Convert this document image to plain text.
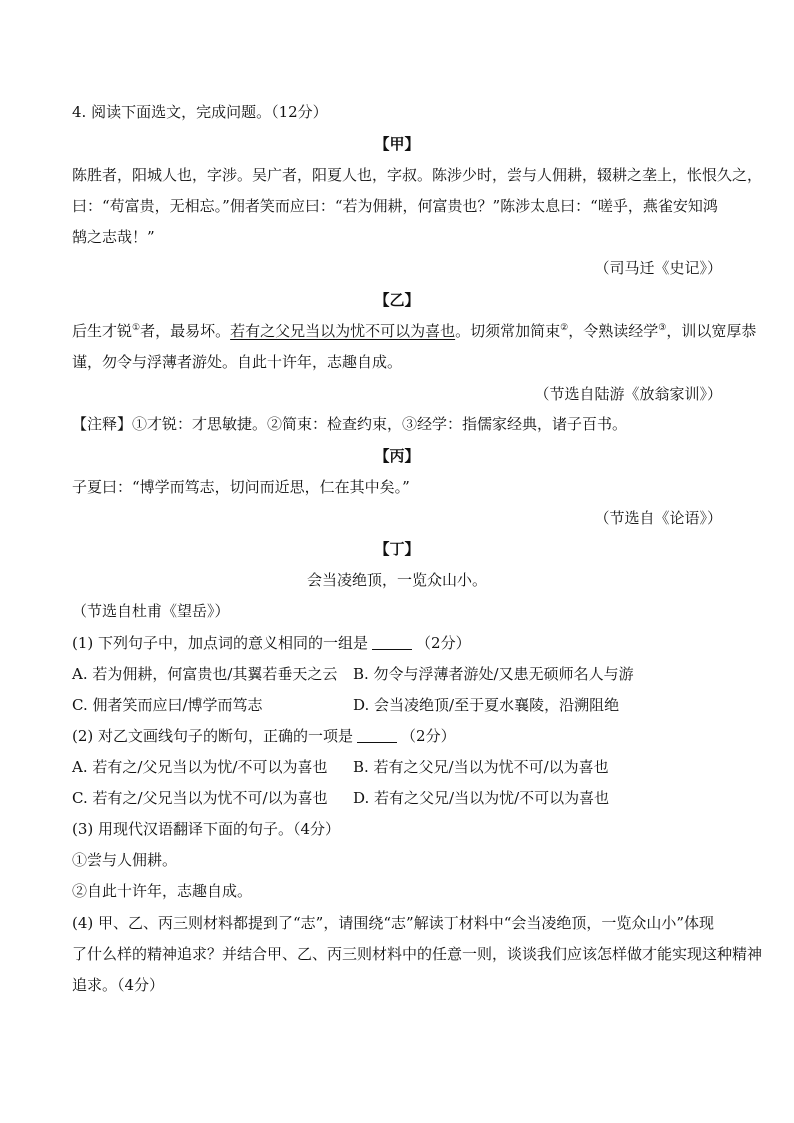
4. 阅读下面选文，完成问题。（12分）
【甲】
陈胜者，阳城人也，字涉。吴广者，阳夏人也，字叔。陈涉少时，尝与人佣耕，辍耕之垄上，怅恨久之，
曰：“苟富贵，无相忘。”佣者笑而应曰：“若为佣耕，何富贵也？”陈涉太息曰：“嗟乎，燕雀安知鸿
鹄之志哉！”
（司马迁《史记》）
【乙】
后生才锐①者，最易坏。若有之父兄当以为忧不可以为喜也。切须常加简束②，令熟读经学③，训以宽厚恭
谨，勿令与浮薄者游处。自此十许年，志趣自成。
（节选自陆游《放翁家训》）
【注释】①才锐：才思敏捷。②简束：检查约束，③经学：指儒家经典，诸子百书。
【丙】
子夏曰：“博学而笃志，切问而近思，仁在其中矣。”
（节选自《论语》）
【丁】
会当凌绝顶，一览众山小。
（节选自杜甫《望岳》）
(1) 下列句子中，加点词的意义相同的一组是	（2分）
A. 若为佣耕，何富贵也/其翼若垂天之云 B. 勿令与浮薄者游处/又患无硕师名人与游
C. 佣者笑而应曰/博学而笃志	D. 会当凌绝顶/至于夏水襄陵，沿溯阻绝
(2) 对乙文画线句子的断句，正确的一项是	（2分）
A. 若有之/父兄当以为忧/不可以为喜也 B. 若有之父兄/当以为忧不可/以为喜也
C. 若有之/父兄当以为忧不可/以为喜也 D. 若有之父兄/当以为忧/不可以为喜也
(3) 用现代汉语翻译下面的句子。（4分）
①尝与人佣耕。
②自此十许年，志趣自成。
(4) 甲、乙、丙三则材料都提到了“志”，请围绕“志”解读丁材料中“会当凌绝顶，一览众山小”体现
了什么样的精神追求？并结合甲、乙、丙三则材料中的任意一则，谈谈我们应该怎样做才能实现这种精神
追求。（4分）
